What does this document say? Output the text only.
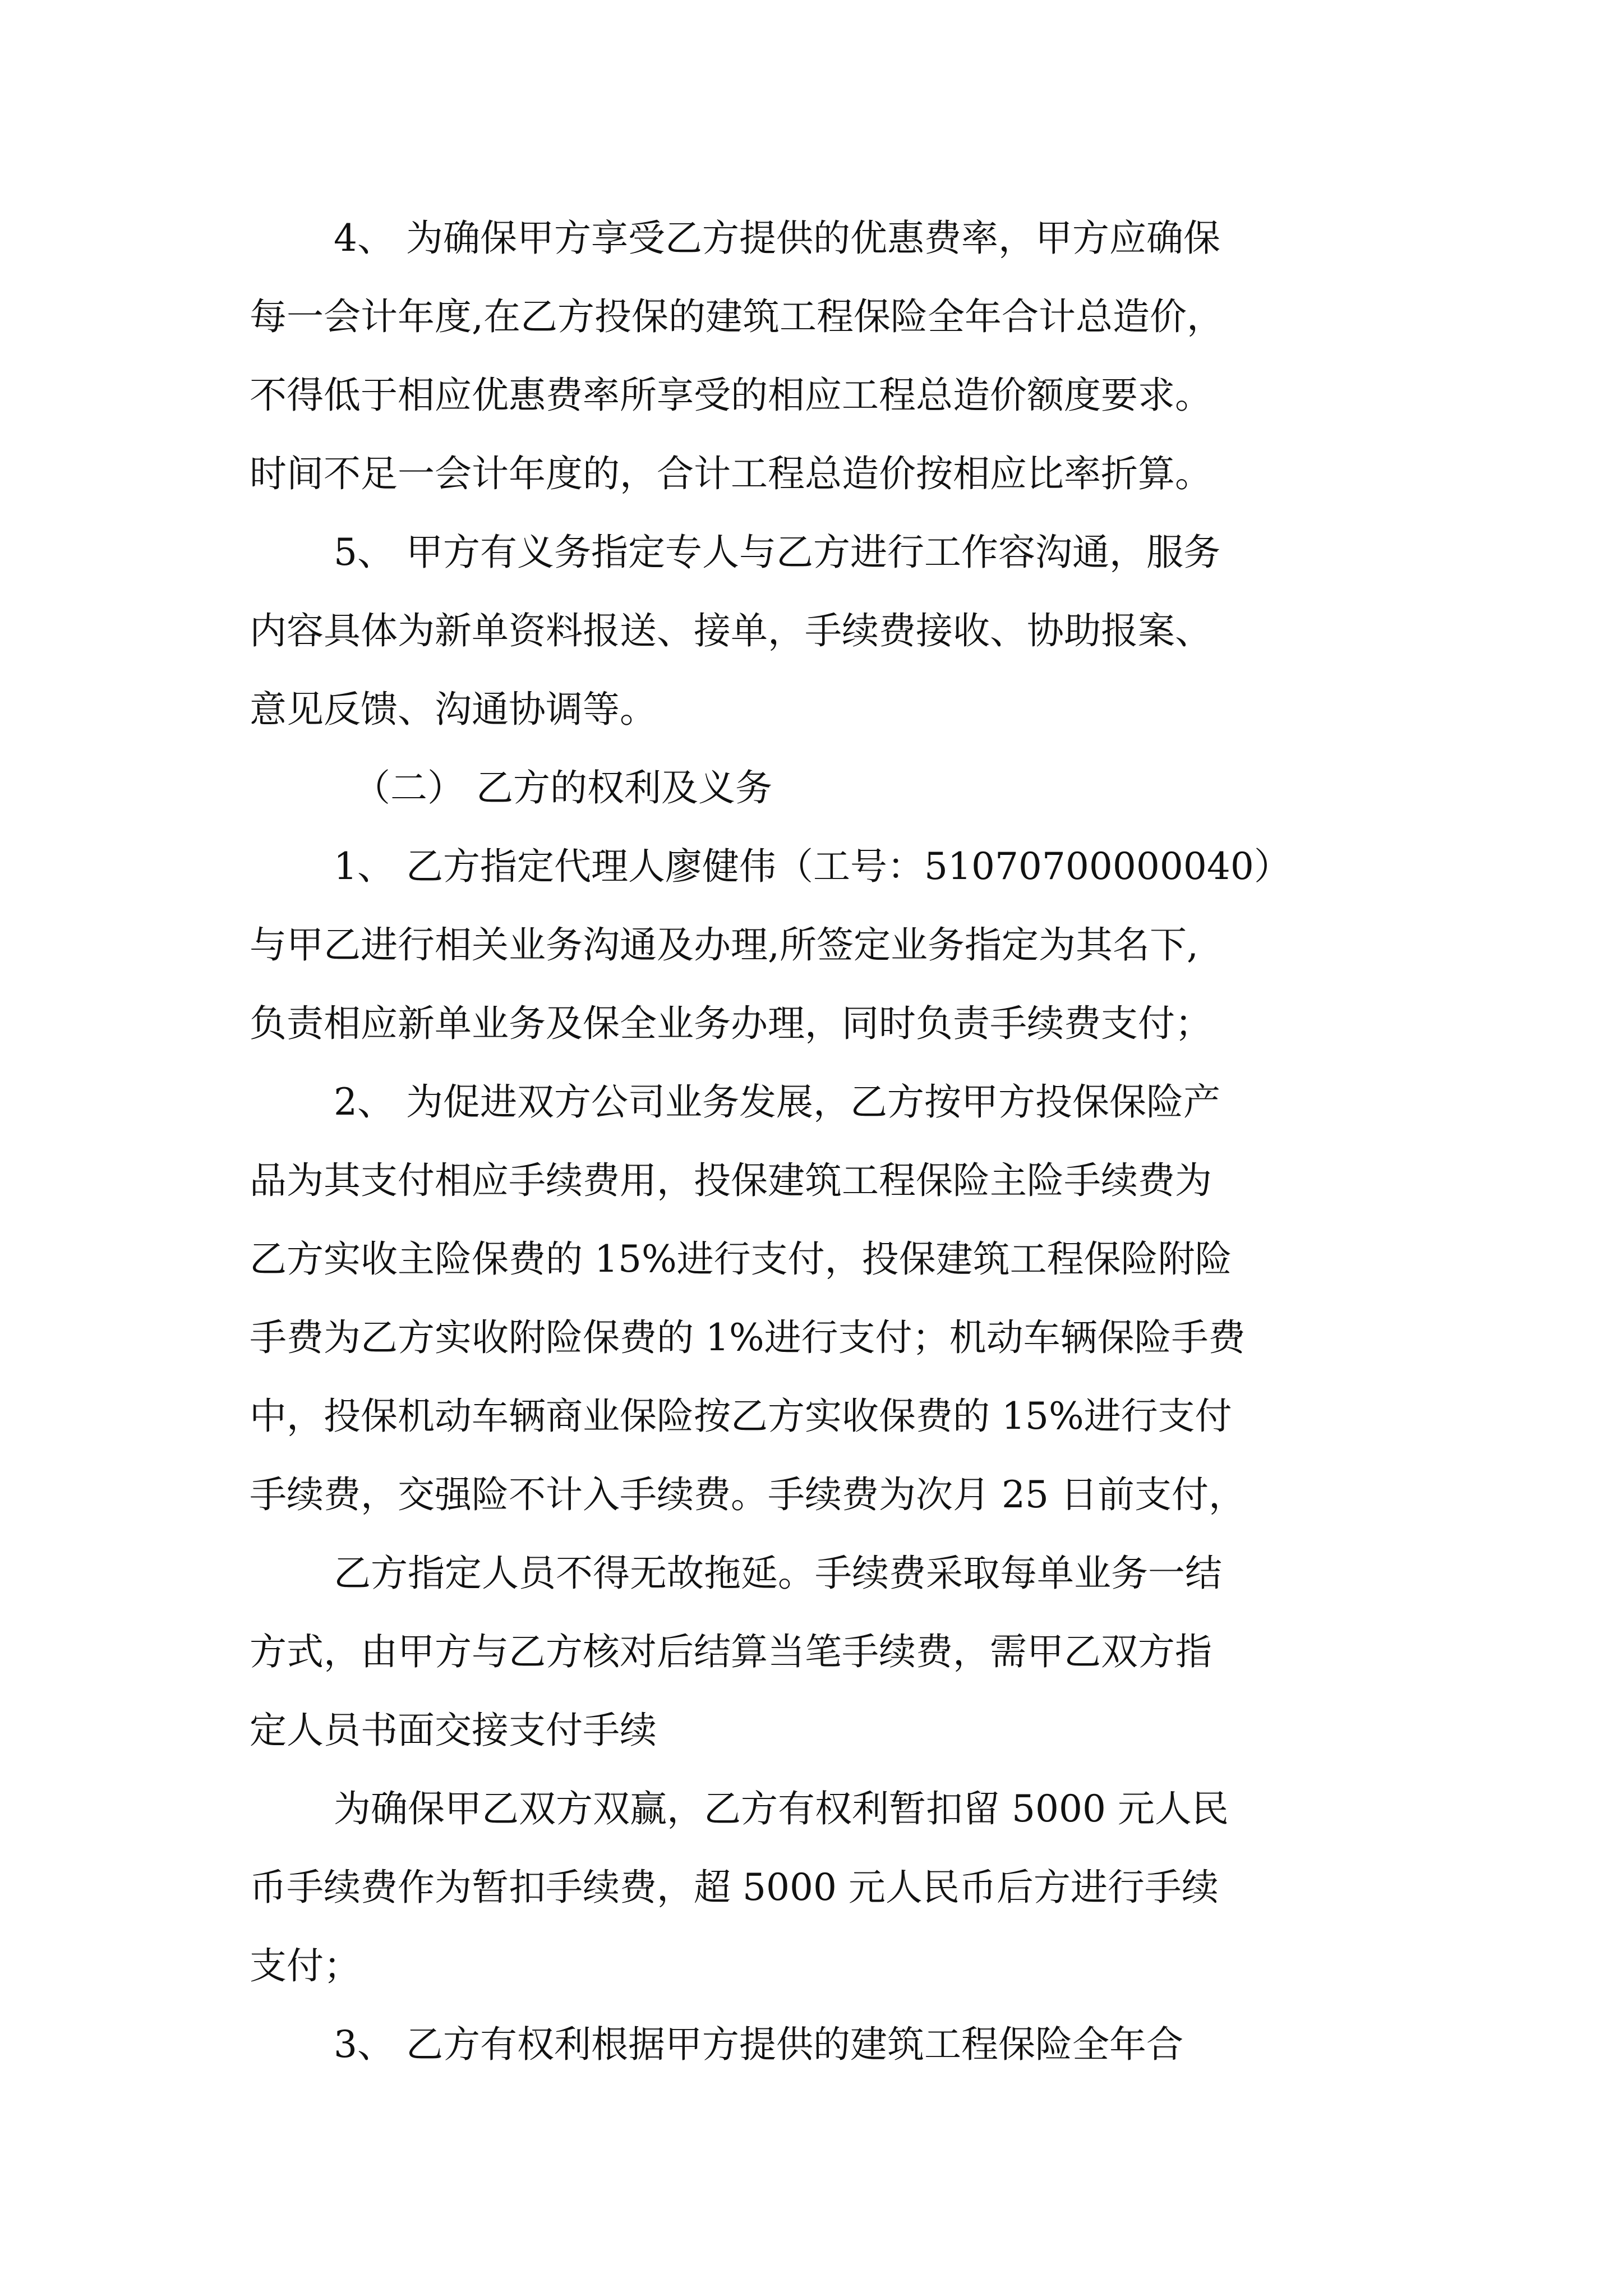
4、 为确保甲方享受乙方提供的优惠费率，甲方应确保
每一会计年度,在乙方投保的建筑工程保险全年合计总造价，
不得低于相应优惠费率所享受的相应工程总造价额度要求。
时间不足一会计年度的，合计工程总造价按相应比率折算。
5、 甲方有义务指定专人与乙方进行工作容沟通，服务
内容具体为新单资料报送、接单，手续费接收、协助报案、
意见反馈、沟通协调等。
（二） 乙方的权利及义务
1、 乙方指定代理人廖健伟（工号：51070700000040）
与甲乙进行相关业务沟通及办理,所签定业务指定为其名下,
负责相应新单业务及保全业务办理，同时负责手续费支付；
2、 为促进双方公司业务发展，乙方按甲方投保保险产
品为其支付相应手续费用，投保建筑工程保险主险手续费为
乙方实收主险保费的 15%进行支付，投保建筑工程保险附险
手费为乙方实收附险保费的 1%进行支付；机动车辆保险手费
中，投保机动车辆商业保险按乙方实收保费的 15%进行支付
手续费，交强险不计入手续费。手续费为次月 25 日前支付，
乙方指定人员不得无故拖延。手续费采取每单业务一结
方式，由甲方与乙方核对后结算当笔手续费，需甲乙双方指
定人员书面交接支付手续
为确保甲乙双方双赢，乙方有权利暂扣留 5000 元人民
币手续费作为暂扣手续费，超 5000 元人民币后方进行手续
支付；
3、 乙方有权利根据甲方提供的建筑工程保险全年合
